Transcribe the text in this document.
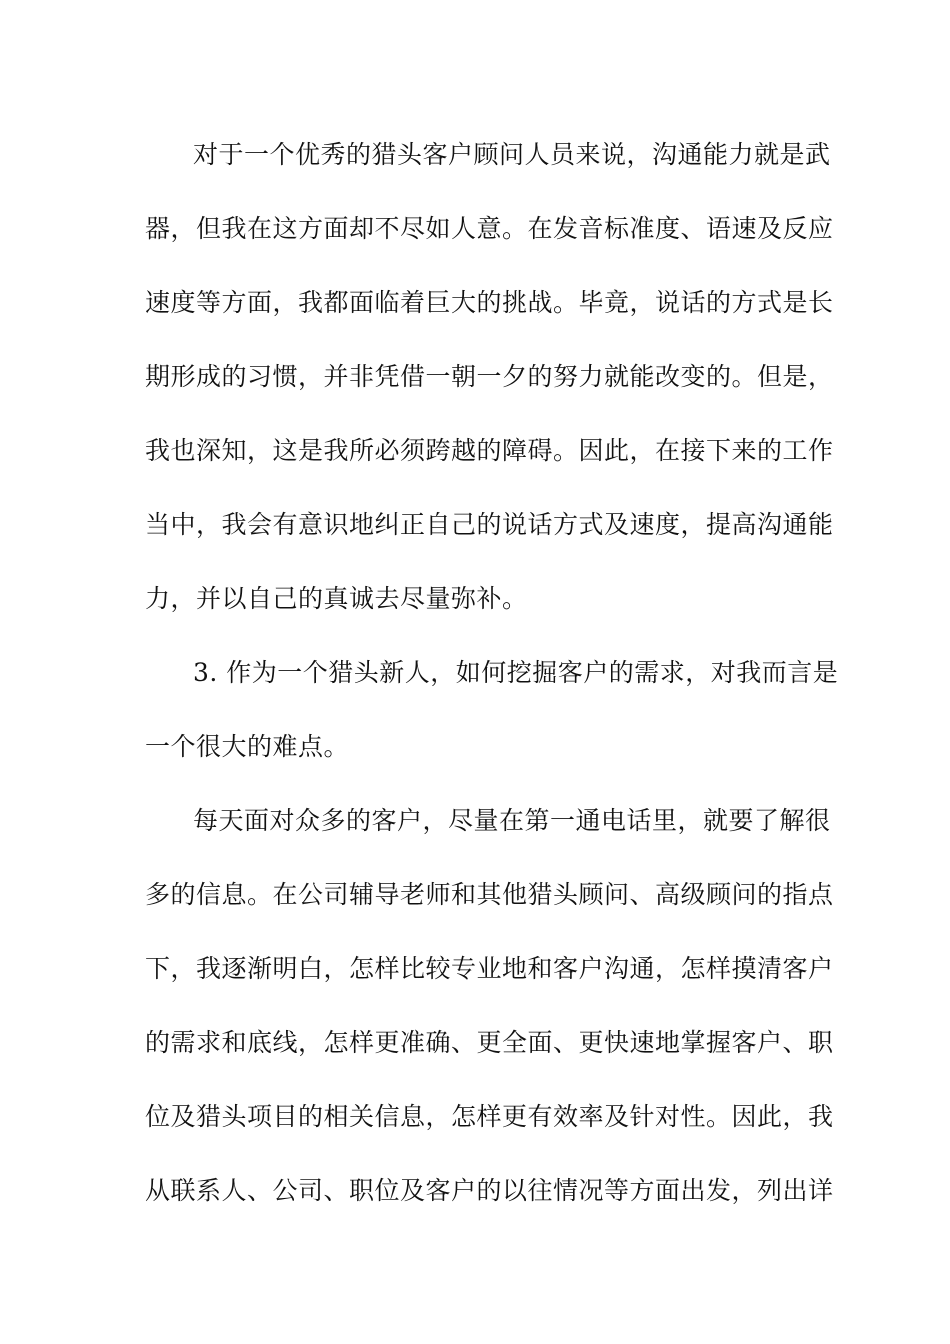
对于一个优秀的猎头客户顾问人员来说，沟通能力就是武
器，但我在这方面却不尽如人意。在发音标准度、语速及反应
速度等方面，我都面临着巨大的挑战。毕竟，说话的方式是长
期形成的习惯，并非凭借一朝一夕的努力就能改变的。但是，
我也深知，这是我所必须跨越的障碍。因此，在接下来的工作
当中，我会有意识地纠正自己的说话方式及速度，提高沟通能
力，并以自己的真诚去尽量弥补。
3. 作为一个猎头新人，如何挖掘客户的需求，对我而言是
一个很大的难点。
每天面对众多的客户，尽量在第一通电话里，就要了解很
多的信息。在公司辅导老师和其他猎头顾问、高级顾问的指点
下，我逐渐明白，怎样比较专业地和客户沟通，怎样摸清客户
的需求和底线，怎样更准确、更全面、更快速地掌握客户、职
位及猎头项目的相关信息，怎样更有效率及针对性。因此，我
从联系人、公司、职位及客户的以往情况等方面出发，列出详
